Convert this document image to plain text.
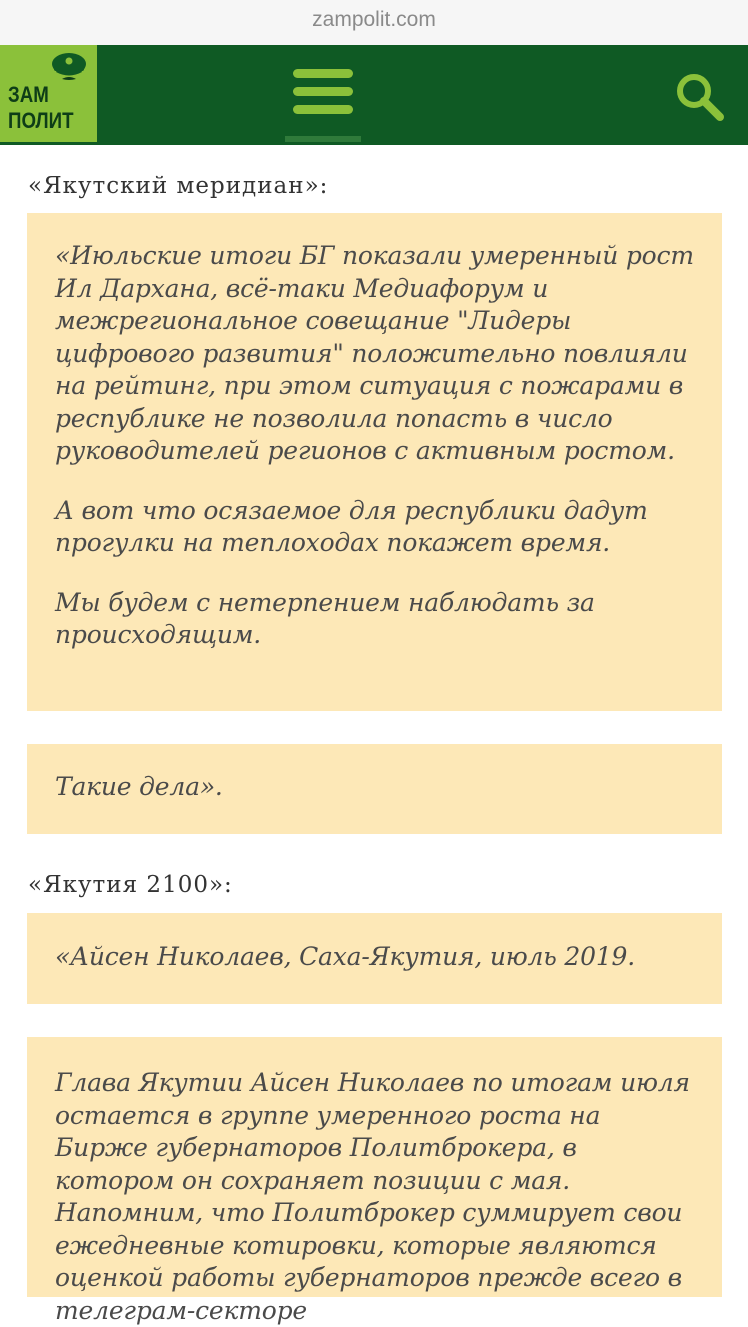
zampolit.com
ЗАМ
ПОЛИТ
«Якутский меридиан»:

«Июльские итоги БГ показали умеренный рост Ил Дархана, всё-таки Медиафорум и межрегиональное совещание "Лидеры цифрового развития" положительно повлияли на рейтинг, при этом ситуация с пожарами в республике не позволила попасть в число руководителей регионов с активным ростом.

А вот что осязаемое для республики дадут прогулки на теплоходах покажет время.

Мы будем с нетерпением наблюдать за происходящим.

Такие дела».

«Якутия 2100»:

«Айсен Николаев, Саха-Якутия, июль 2019.

Глава Якутии Айсен Николаев по итогам июля остается в группе умеренного роста на Бирже губернаторов Политброкера, в котором он сохраняет позиции с мая. Напомним, что Политброкер суммирует свои ежедневные котировки, которые являются оценкой работы губернаторов прежде всего в телеграм-секторе
